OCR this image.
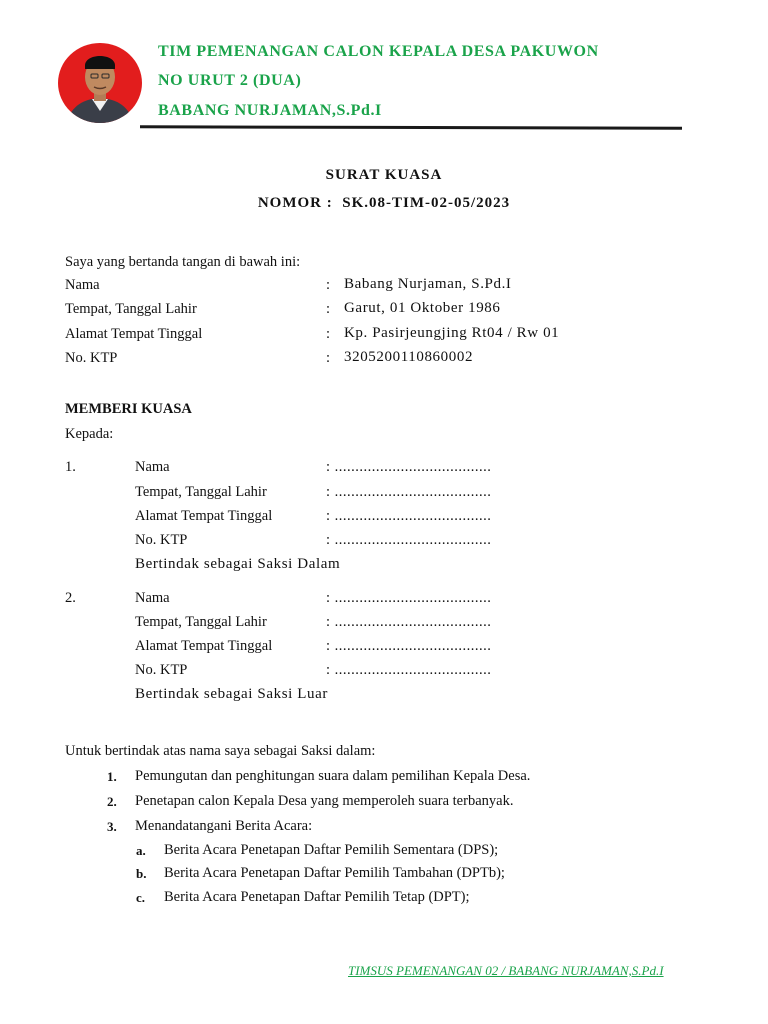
TIM PEMENANGAN CALON KEPALA DESA PAKUWON
NO URUT 2 (DUA)
BABANG NURJAMAN,S.Pd.I
SURAT KUASA
NOMOR :  SK.08-TIM-02-05/2023
Saya yang bertanda tangan di bawah ini:
Nama	: Babang Nurjaman, S.Pd.I
Tempat, Tanggal Lahir	: Garut, 01 Oktober 1986
Alamat Tempat Tinggal	: Kp. Pasirjeungjing Rt04 / Rw 01
No. KTP	: 3205200110860002
MEMBERI KUASA
Kepada:
1.	Nama	: ......................................
Tempat, Tanggal Lahir	: ......................................
Alamat Tempat Tinggal	: ......................................
No. KTP	: ......................................
Bertindak sebagai Saksi Dalam
2.	Nama	: ......................................
Tempat, Tanggal Lahir	: ......................................
Alamat Tempat Tinggal	: ......................................
No. KTP	: ......................................
Bertindak sebagai Saksi Luar
Untuk bertindak atas nama saya sebagai Saksi dalam:
1. Pemungutan dan penghitungan suara dalam pemilihan Kepala Desa.
2. Penetapan calon Kepala Desa yang memperoleh suara terbanyak.
3. Menandatangani Berita Acara:
a. Berita Acara Penetapan Daftar Pemilih Sementara (DPS);
b. Berita Acara Penetapan Daftar Pemilih Tambahan (DPTb);
c. Berita Acara Penetapan Daftar Pemilih Tetap (DPT);
TIMSUS PEMENANGAN 02 / BABANG NURJAMAN,S.Pd.I
